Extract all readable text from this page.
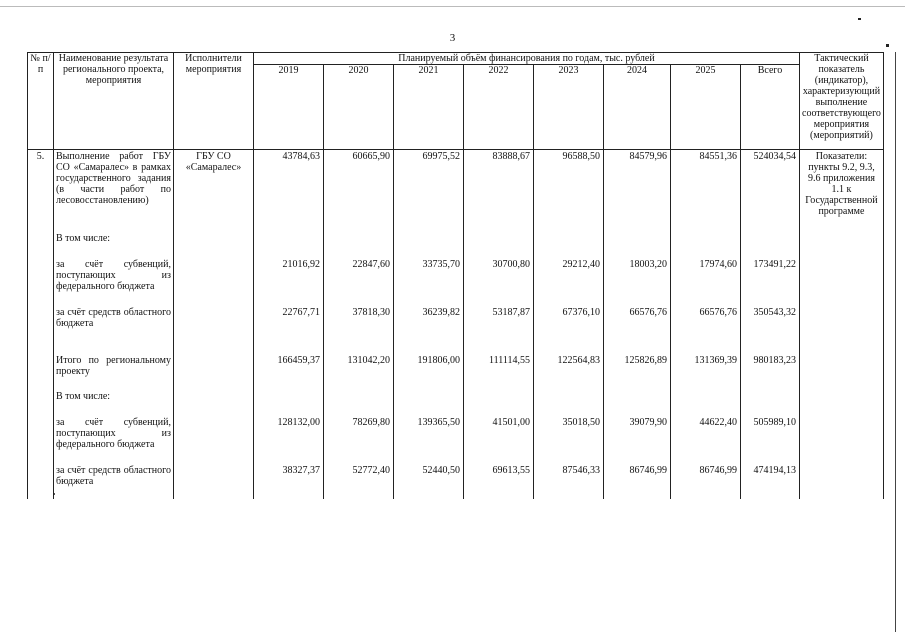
3
№ п/п	Наименование результата регионального проекта, мероприятия	Исполнители мероприятия	Планируемый объём финансирования по годам, тыс. рублей								Тактический показатель (индикатор), характеризующий выполнение соответствующего мероприятия (мероприятий)
			2019	2020	2021	2022	2023	2024	2025	Всего	
5.	Выполнение работ ГБУ СО «Самаралес» в рамках государственного задания (в части работ по лесовосстановлению)	ГБУ СО «Самаралес»	43784,63	60665,90	69975,52	83888,67	96588,50	84579,96	84551,36	524034,54	Показатели: пункты 9.2, 9.3, 9.6 приложения 1.1 к Государственной программе
	В том числе:										
	за счёт субвенций, поступающих из федерального бюджета		21016,92	22847,60	33735,70	30700,80	29212,40	18003,20	17974,60	173491,22	
	за счёт средств областного бюджета		22767,71	37818,30	36239,82	53187,87	67376,10	66576,76	66576,76	350543,32	
	Итого по региональному проекту		166459,37	131042,20	191806,00	111114,55	122564,83	125826,89	131369,39	980183,23	
	В том числе:										
	за счёт субвенций, поступающих из федерального бюджета		128132,00	78269,80	139365,50	41501,00	35018,50	39079,90	44622,40	505989,10	
	за счёт средств областного бюджета		38327,37	52772,40	52440,50	69613,55	87546,33	86746,99	86746,99	474194,13	
